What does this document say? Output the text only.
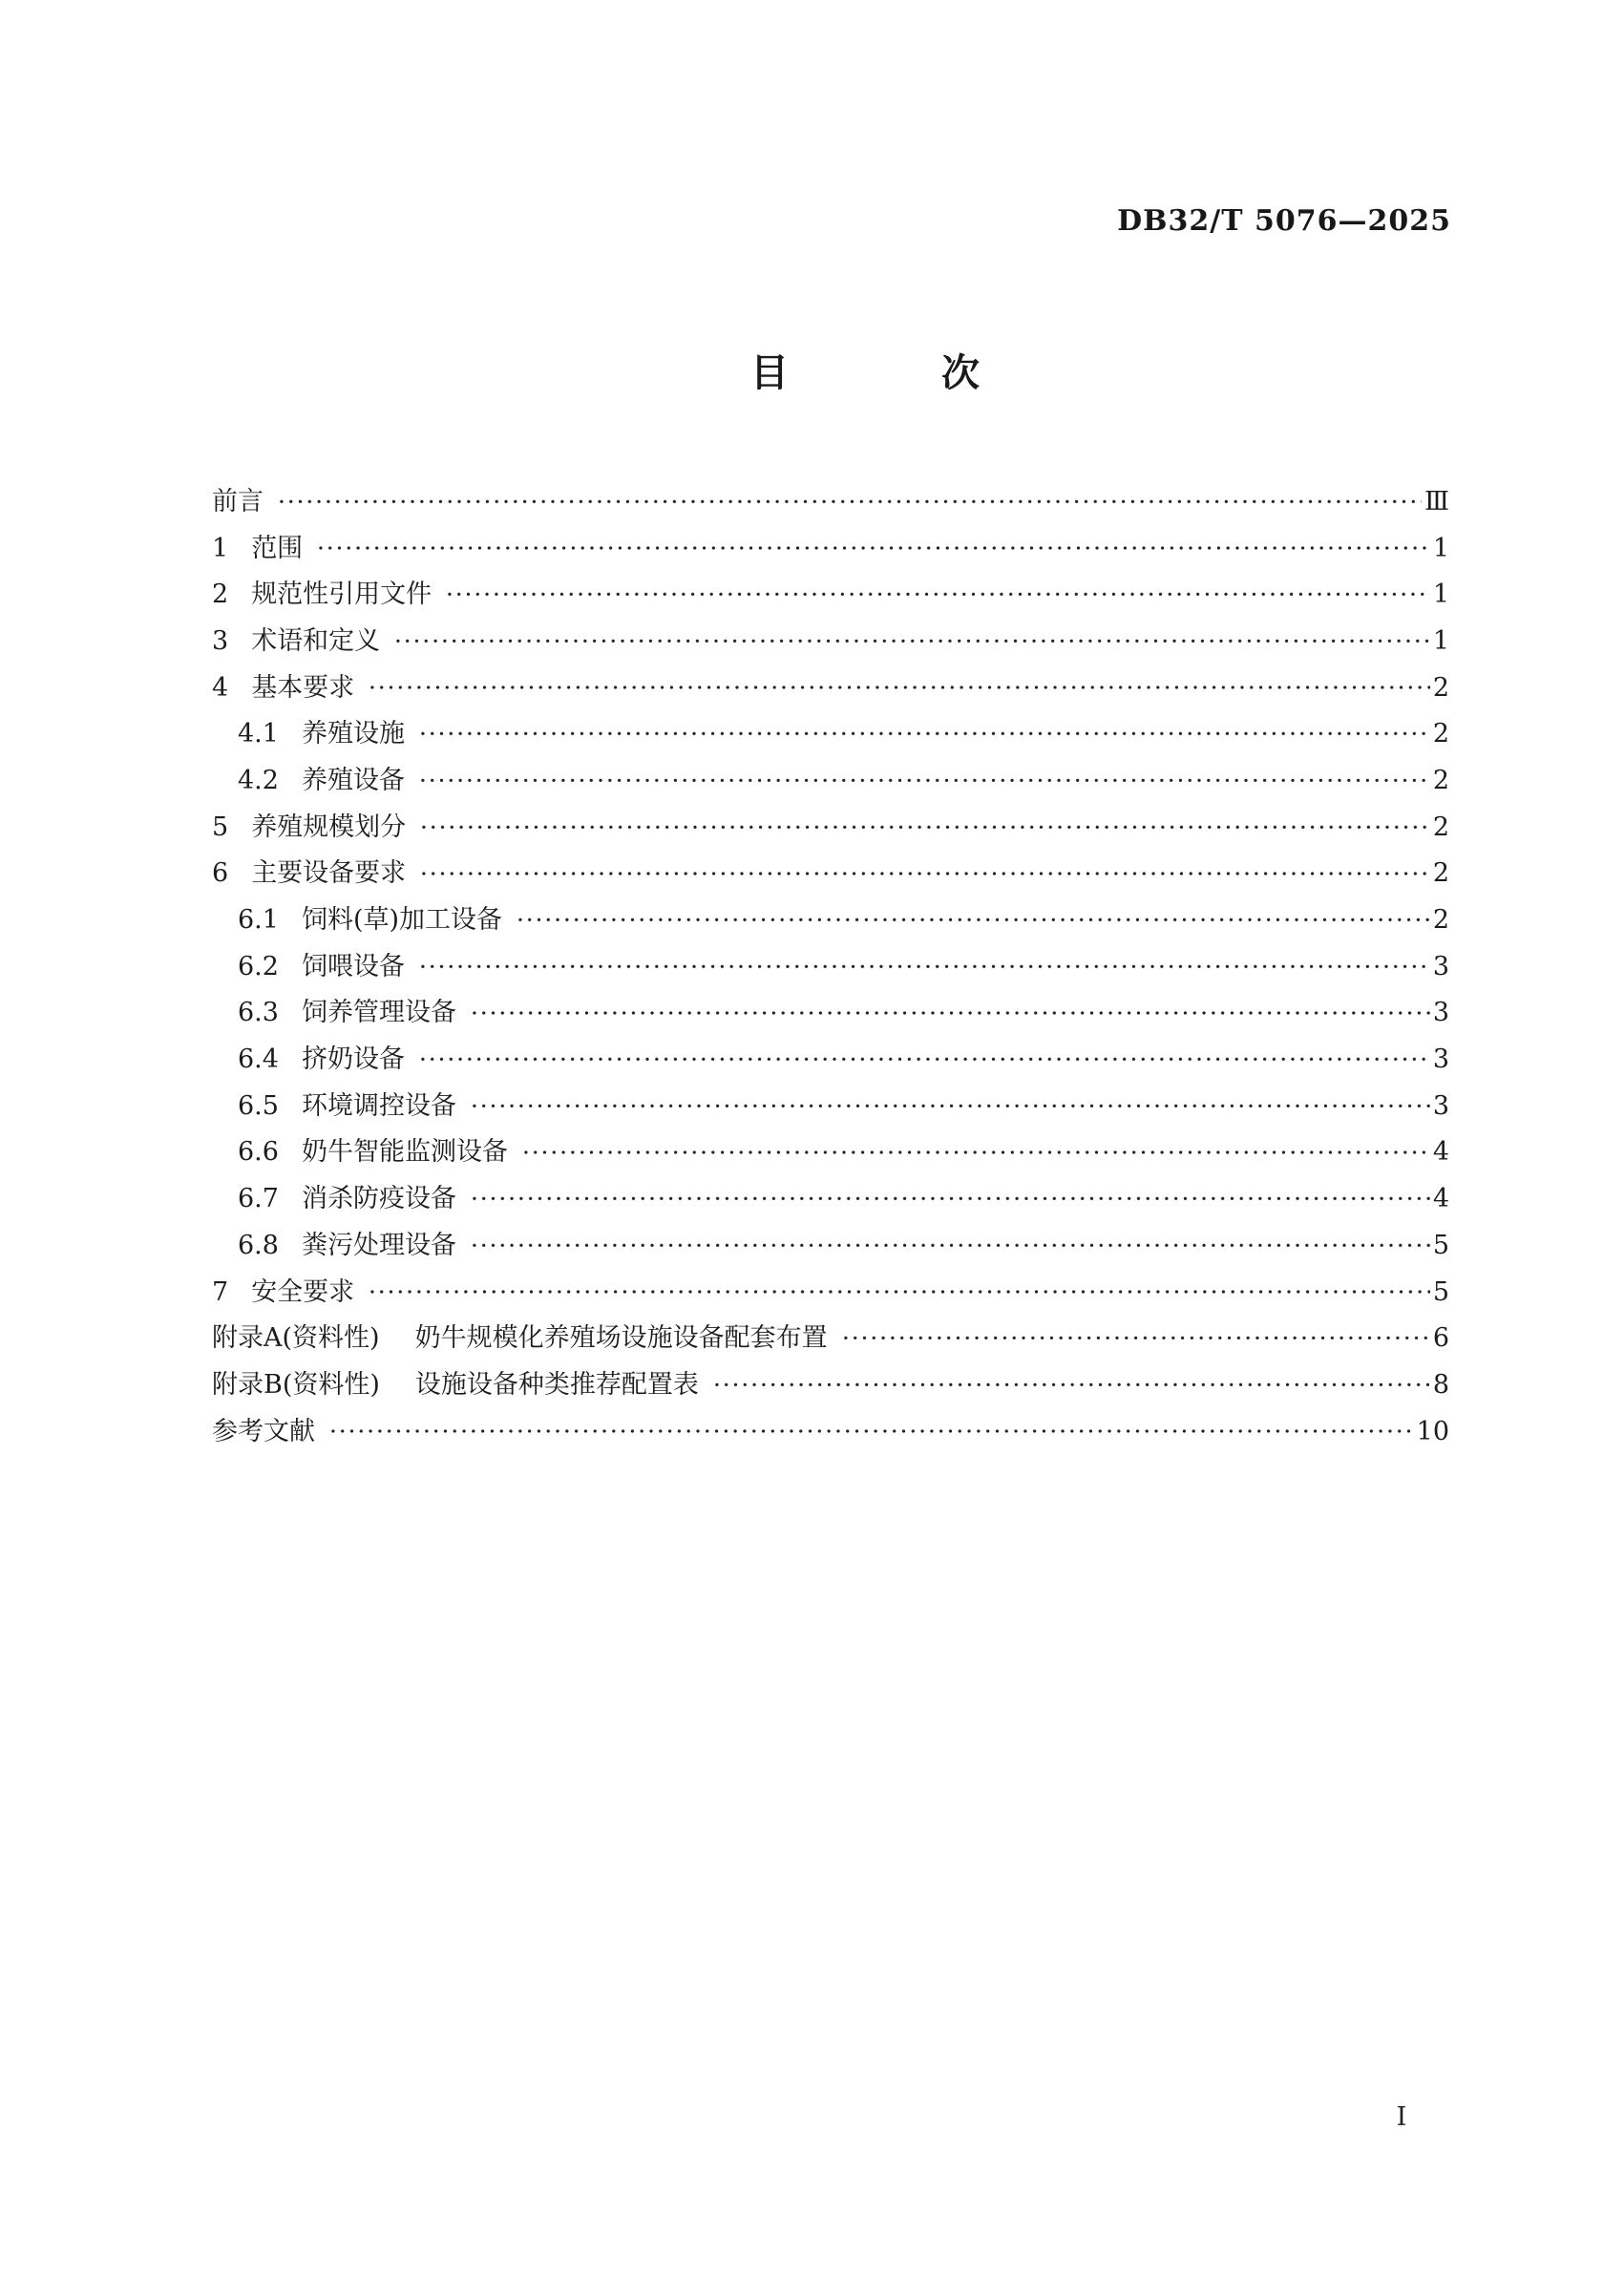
DB32/T 5076—2025
目　次
前言	Ⅲ
1 范围	1
2 规范性引用文件	1
3 术语和定义	1
4 基本要求	2
4.1 养殖设施	2
4.2 养殖设备	2
5 养殖规模划分	2
6 主要设备要求	2
6.1 饲料(草)加工设备	2
6.2 饲喂设备	3
6.3 饲养管理设备	3
6.4 挤奶设备	3
6.5 环境调控设备	3
6.6 奶牛智能监测设备	4
6.7 消杀防疫设备	4
6.8 粪污处理设备	5
7 安全要求	5
附录A(资料性) 奶牛规模化养殖场设施设备配套布置	6
附录B(资料性) 设施设备种类推荐配置表	8
参考文献	10
Ⅰ
